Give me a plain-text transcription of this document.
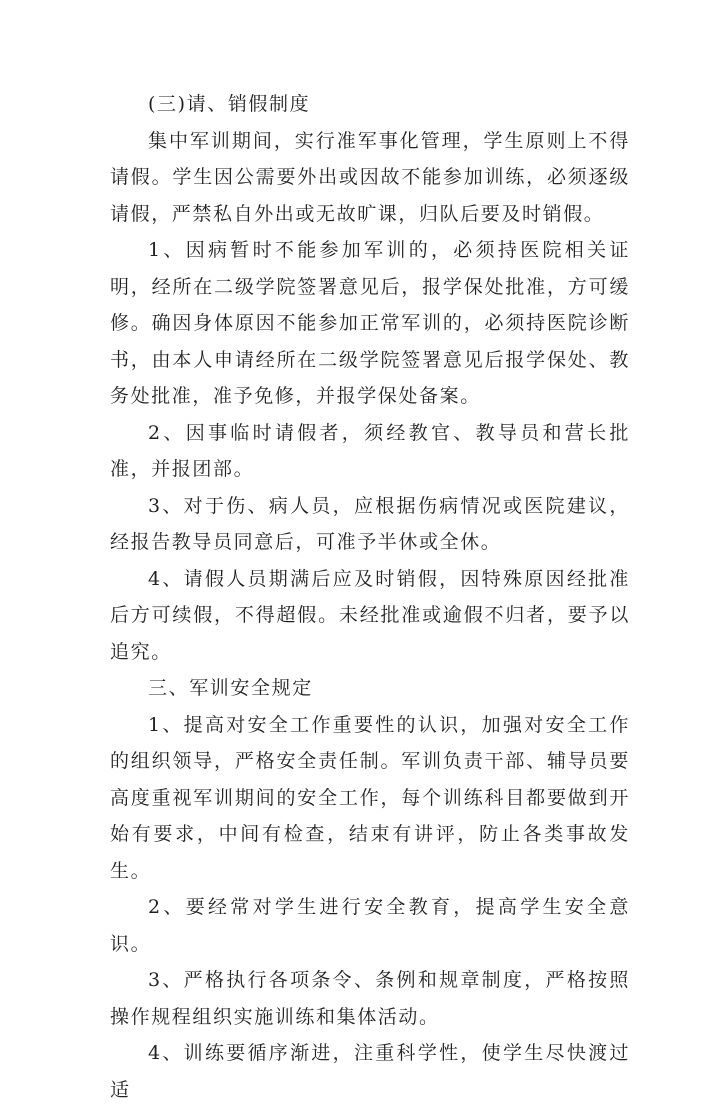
(三)请、销假制度

集中军训期间，实行准军事化管理，学生原则上不得请假。学生因公需要外出或因故不能参加训练，必须逐级请假，严禁私自外出或无故旷课，归队后要及时销假。

1、因病暂时不能参加军训的，必须持医院相关证明，经所在二级学院签署意见后，报学保处批准，方可缓修。确因身体原因不能参加正常军训的，必须持医院诊断书，由本人申请经所在二级学院签署意见后报学保处、教务处批准，准予免修，并报学保处备案。

2、因事临时请假者，须经教官、教导员和营长批准，并报团部。

3、对于伤、病人员，应根据伤病情况或医院建议，经报告教导员同意后，可准予半休或全休。

4、请假人员期满后应及时销假，因特殊原因经批准后方可续假，不得超假。未经批准或逾假不归者，要予以追究。

三、军训安全规定

1、提高对安全工作重要性的认识，加强对安全工作的组织领导，严格安全责任制。军训负责干部、辅导员要高度重视军训期间的安全工作，每个训练科目都要做到开始有要求，中间有检查，结束有讲评，防止各类事故发生。

2、要经常对学生进行安全教育，提高学生安全意识。

3、严格执行各项条令、条例和规章制度，严格按照操作规程组织实施训练和集体活动。

4、训练要循序渐进，注重科学性，使学生尽快渡过适
